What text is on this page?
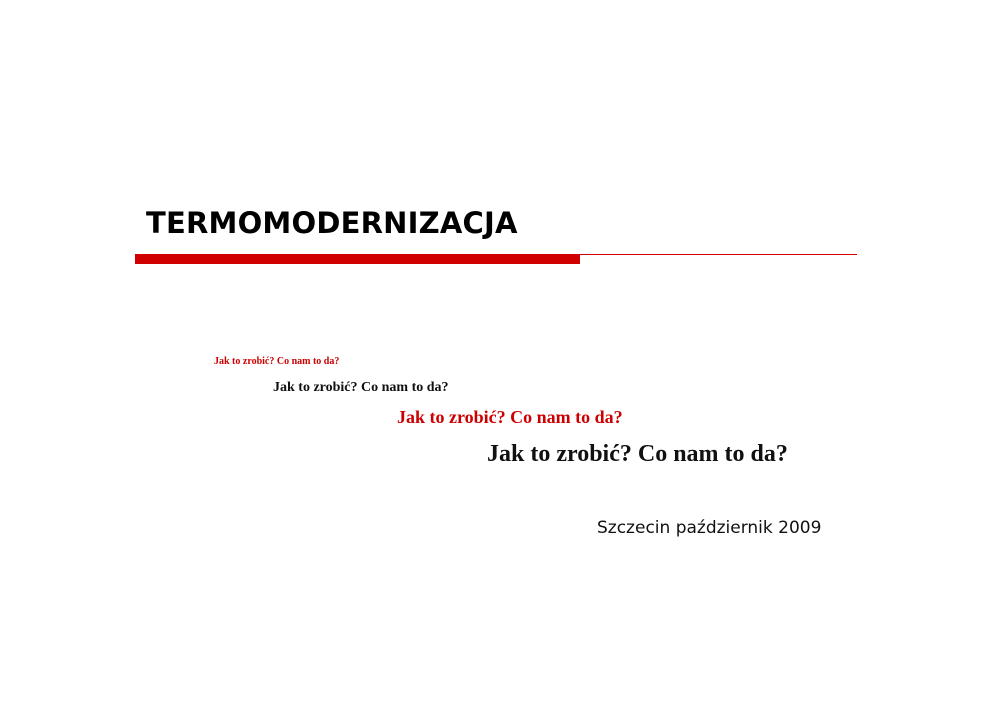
TERMOMODERNIZACJA
Jak to zrobić? Co nam to da?
Jak to zrobić? Co nam to da?
Jak to zrobić? Co nam to da?
Jak to zrobić? Co nam to da?
Szczecin październik 2009
